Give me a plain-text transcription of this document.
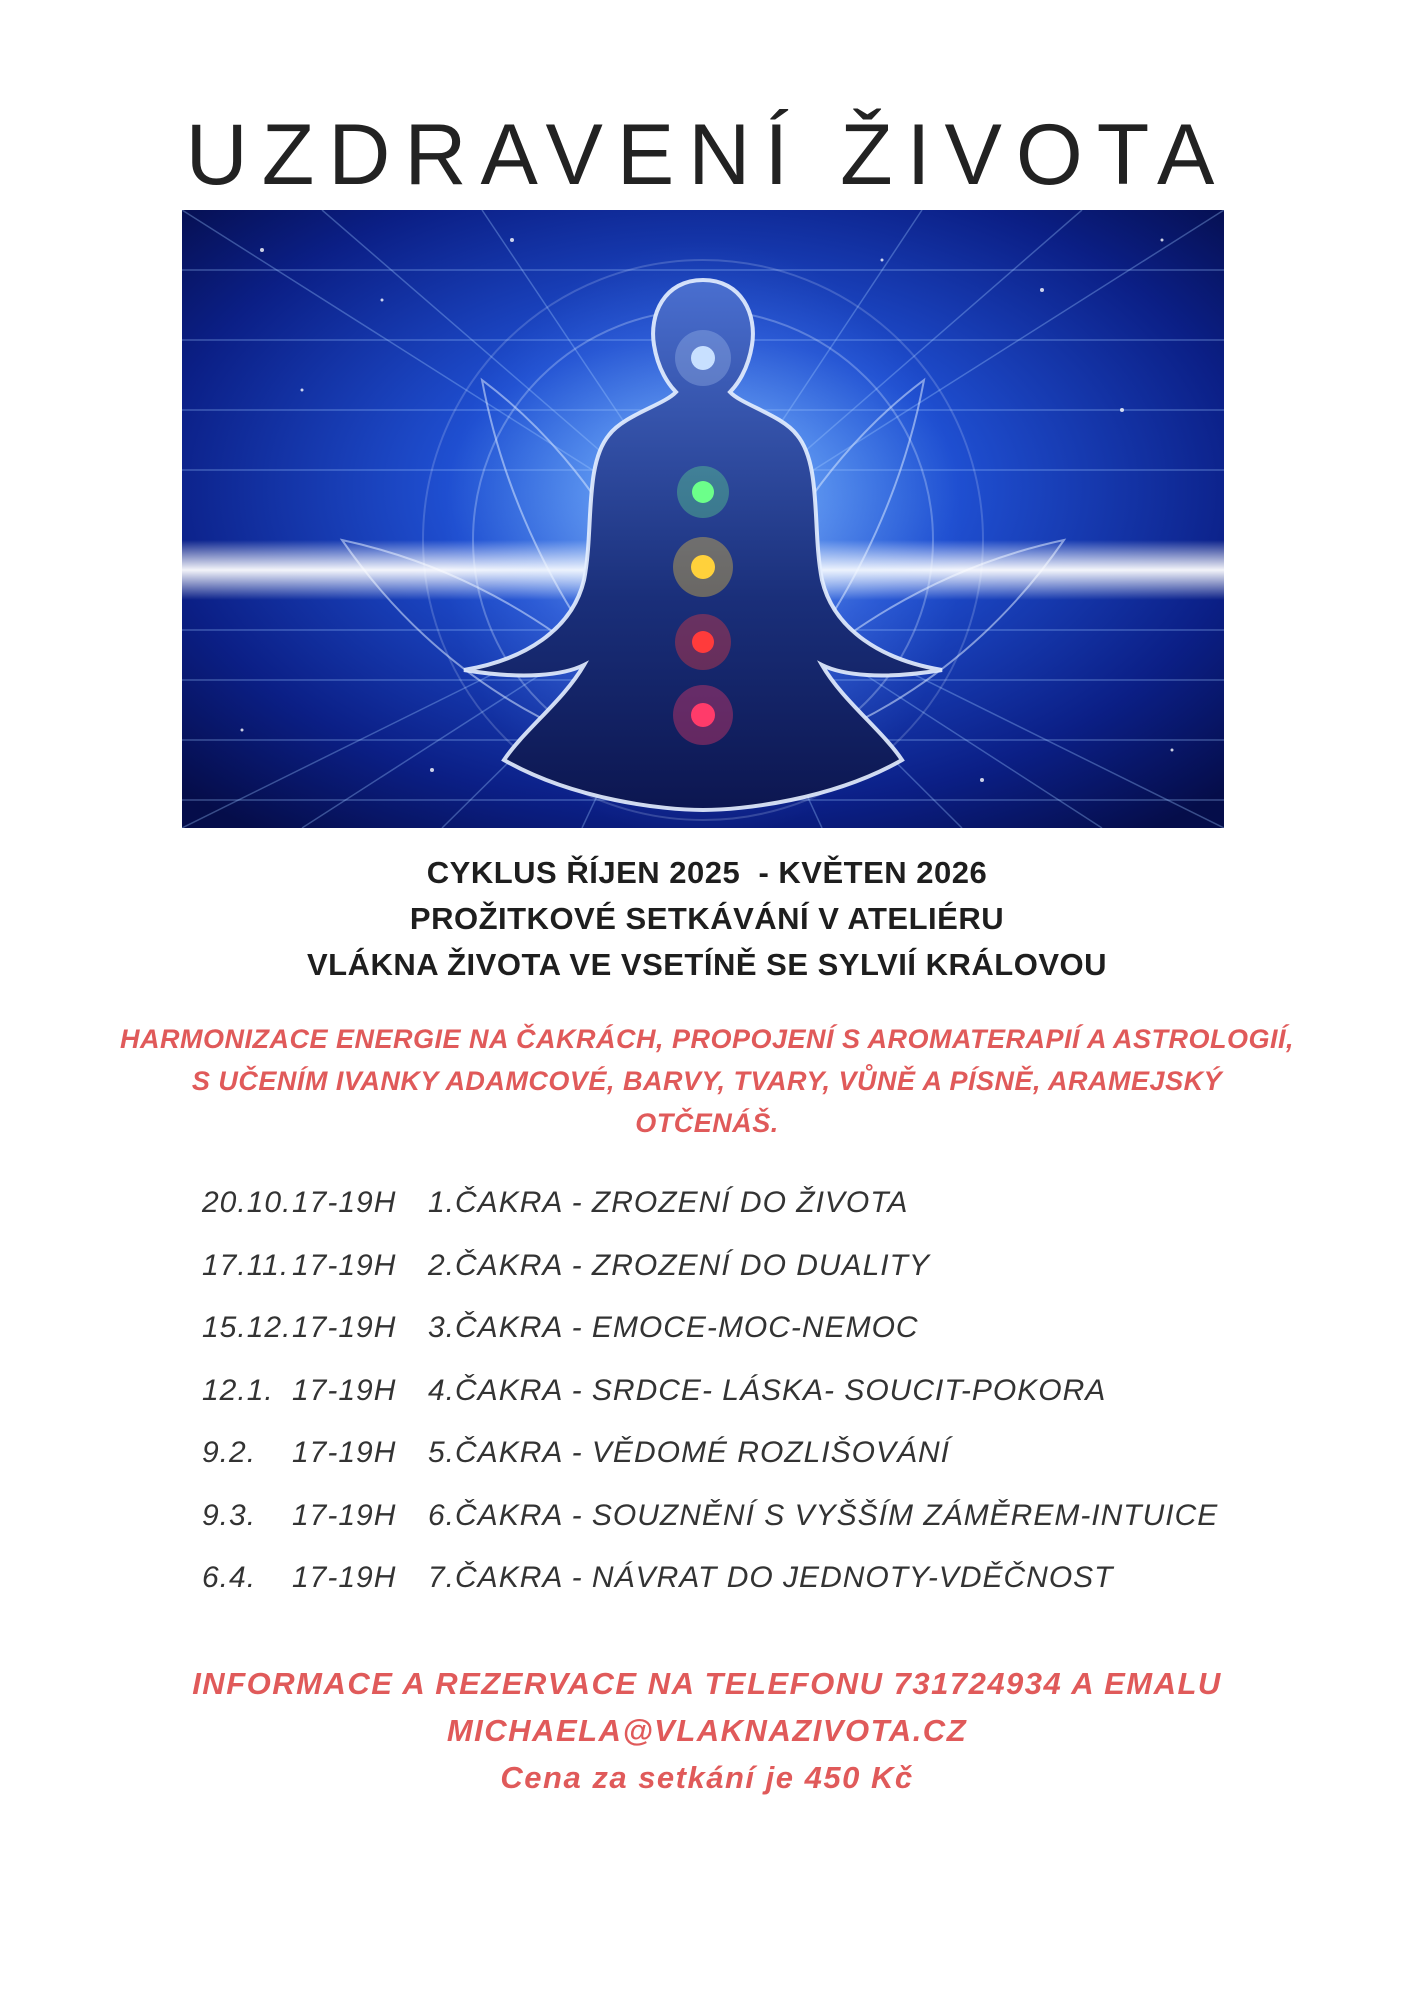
UZDRAVENÍ ŽIVOTA
CYKLUS ŘÍJEN 2025  - KVĚTEN 2026
PROŽITKOVÉ SETKÁVÁNÍ V ATELIÉRU
VLÁKNA ŽIVOTA VE VSETÍNĚ SE SYLVIÍ KRÁLOVOU
HARMONIZACE ENERGIE NA ČAKRÁCH, PROPOJENÍ S AROMATERAPIÍ A ASTROLOGIÍ,
S UČENÍM IVANKY ADAMCOVÉ, BARVY, TVARY, VŮNĚ A PÍSNĚ, ARAMEJSKÝ
OTČENÁŠ.
20.10. 17-19H	1.ČAKRA - ZROZENÍ DO ŽIVOTA
17.11. 17-19H	2.ČAKRA - ZROZENÍ DO DUALITY
15.12. 17-19H	3.ČAKRA - EMOCE-MOC-NEMOC
12.1. 17-19H	4.ČAKRA - SRDCE- LÁSKA- SOUCIT-POKORA
9.2.	17-19H	5.ČAKRA - VĚDOMÉ ROZLIŠOVÁNÍ
9.3.	17-19H	6.ČAKRA - SOUZNĚNÍ S VYŠŠÍM ZÁMĚREM-INTUICE
6.4.	17-19H	7.ČAKRA - NÁVRAT DO JEDNOTY-VDĚČNOST
INFORMACE A REZERVACE NA TELEFONU 731724934 A EMALU
MICHAELA@VLAKNAZIVOTA.CZ
Cena za setkání je 450 Kč
